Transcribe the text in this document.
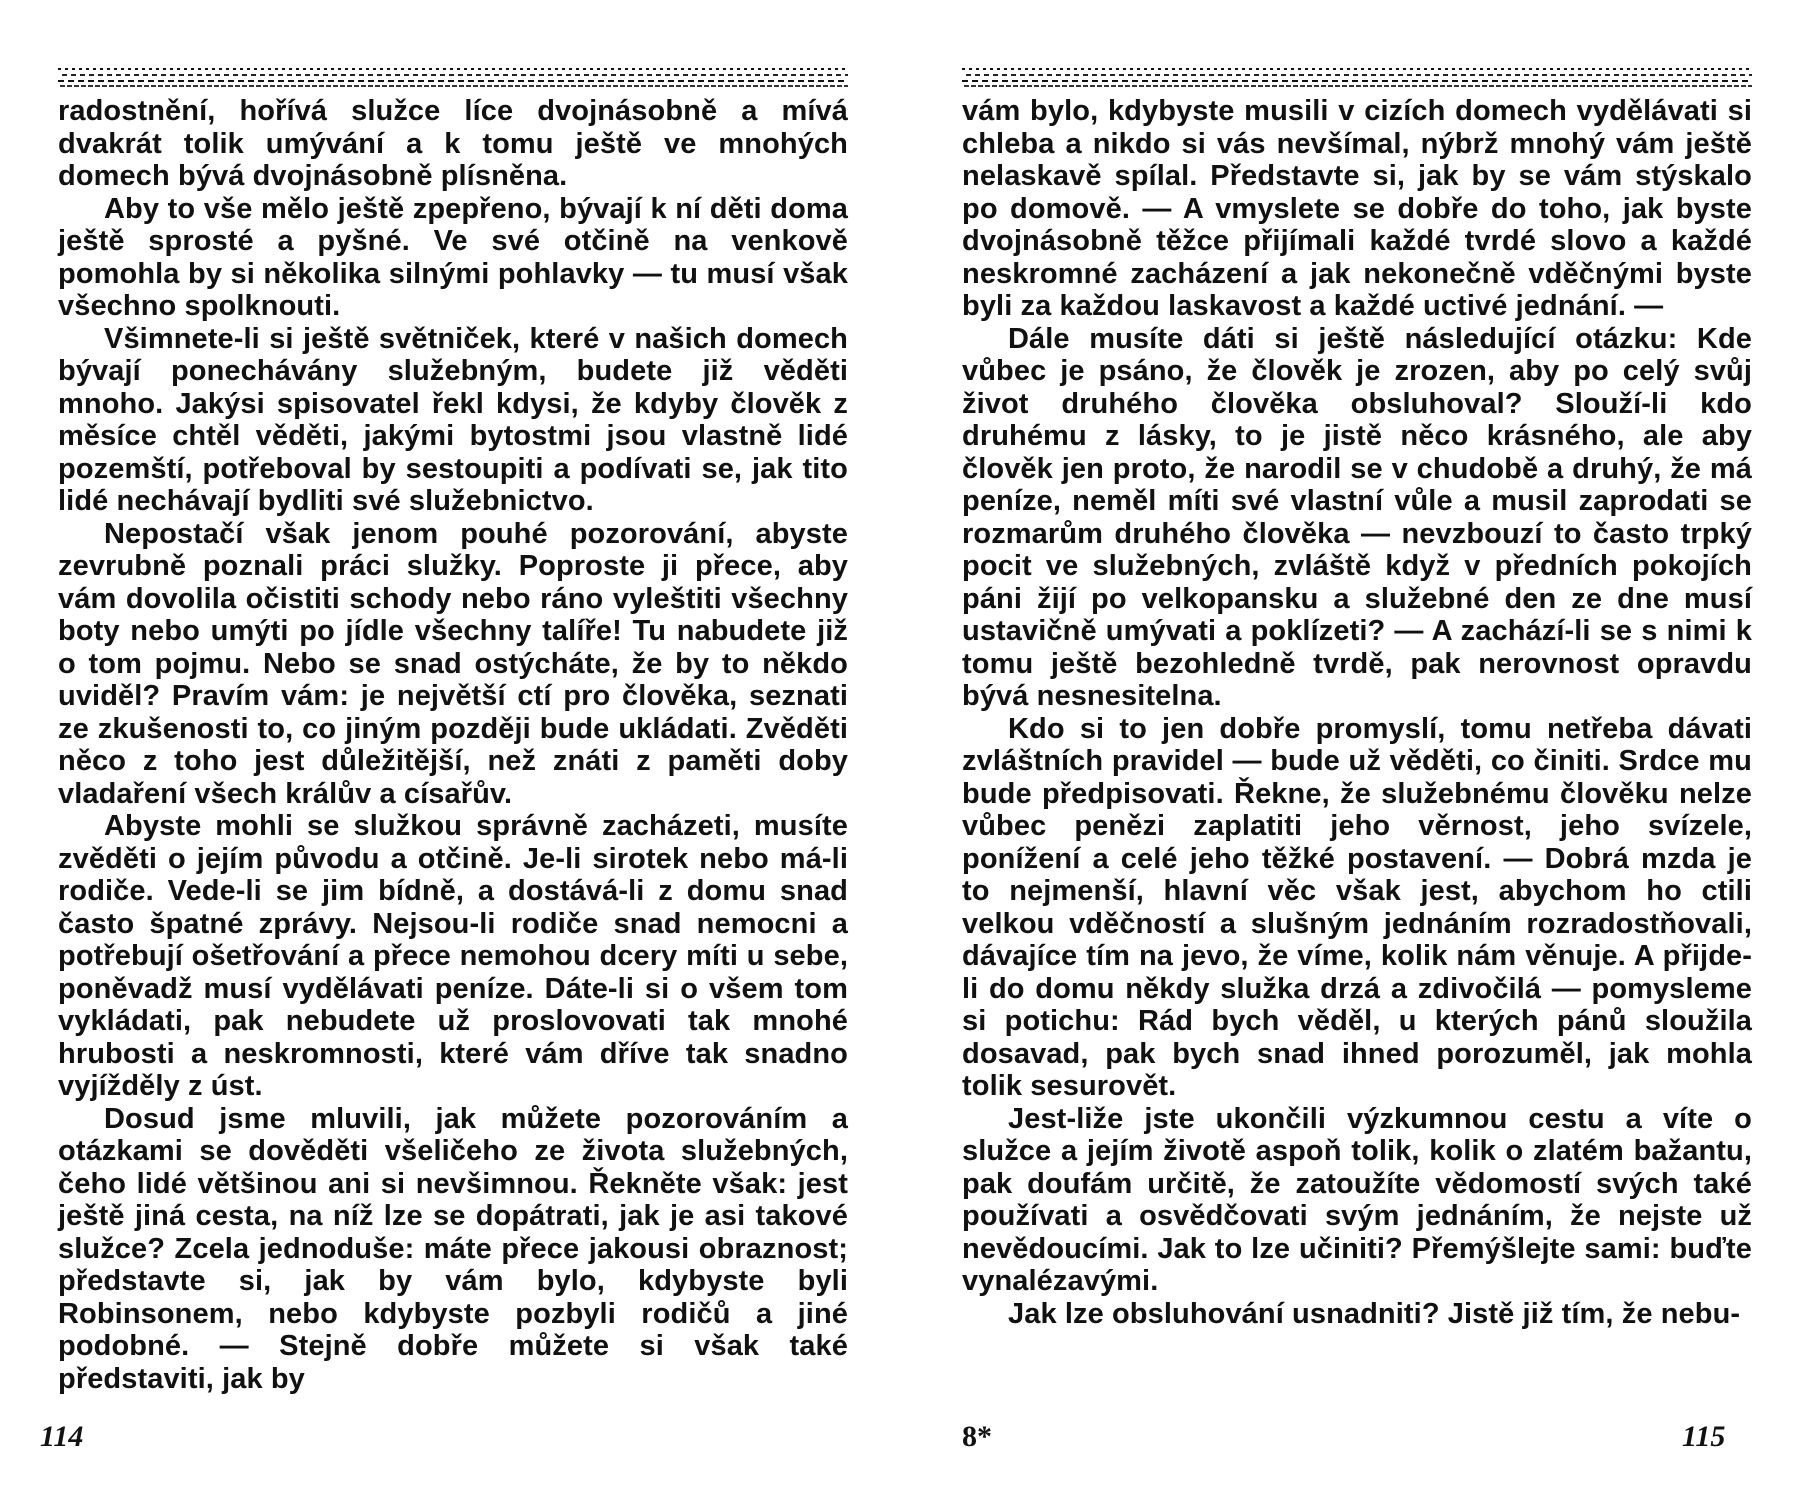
radostnění, hořívá služce líce dvojnásobně a mívá dvakrát tolik umývání a k tomu ještě ve mnohých domech bývá dvojnásobně plísněna.

Aby to vše mělo ještě zpepřeno, bývají k ní děti doma ještě sprosté a pyšné. Ve své otčině na venkově pomohla by si několika silnými pohlavky — tu musí však všechno spolknouti.

Všimnete-li si ještě světniček, které v našich domech bývají ponechávány služebným, budete již věděti mnoho. Jakýsi spisovatel řekl kdysi, že kdyby člověk z měsíce chtěl věděti, jakými bytostmi jsou vlastně lidé pozemští, potřeboval by sestoupiti a podívati se, jak tito lidé nechávají bydliti své služebnictvo.

Nepostačí však jenom pouhé pozorování, abyste zevrubně poznali práci služky. Poproste ji přece, aby vám dovolila očistiti schody nebo ráno vyleštiti všechny boty nebo umýti po jídle všechny talíře! Tu nabudete již o tom pojmu. Nebo se snad ostýcháte, že by to někdo uviděl? Pravím vám: je největší ctí pro člověka, seznati ze zkušenosti to, co jiným později bude ukládati. Zvěděti něco z toho jest důležitější, než znáti z paměti doby vladaření všech králův a císařův.

Abyste mohli se služkou správně zacházeti, musíte zvěděti o jejím původu a otčině. Je-li sirotek nebo má-li rodiče. Vede-li se jim bídně, a dostává-li z domu snad často špatné zprávy. Nejsou-li rodiče snad nemocni a potřebují ošetřování a přece nemohou dcery míti u sebe, poněvadž musí vydělávati peníze. Dáte-li si o všem tom vykládati, pak nebudete už proslovovati tak mnohé hrubosti a neskromnosti, které vám dříve tak snadno vyjížděly z úst.

Dosud jsme mluvili, jak můžete pozorováním a otázkami se dověděti všeličeho ze života služebných, čeho lidé většinou ani si nevšimnou. Řekněte však: jest ještě jiná cesta, na níž lze se dopátrati, jak je asi takové služce? Zcela jednoduše: máte přece jakousi obraznost; představte si, jak by vám bylo, kdybyste byli Robinsonem, nebo kdybyste pozbyli rodičů a jiné podobné. — Stejně dobře můžete si však také představiti, jak by

114

vám bylo, kdybyste musili v cizích domech vydělávati si chleba a nikdo si vás nevšímal, nýbrž mnohý vám ještě nelaskavě spílal. Představte si, jak by se vám stýskalo po domově. — A vmyslete se dobře do toho, jak byste dvojnásobně těžce přijímali každé tvrdé slovo a každé neskromné zacházení a jak nekonečně vděčnými byste byli za každou laskavost a každé uctivé jednání. —

Dále musíte dáti si ještě následující otázku: Kde vůbec je psáno, že člověk je zrozen, aby po celý svůj život druhého člověka obsluhoval? Slouží-li kdo druhému z lásky, to je jistě něco krásného, ale aby člověk jen proto, že narodil se v chudobě a druhý, že má peníze, neměl míti své vlastní vůle a musil zaprodati se rozmarům druhého člověka — nevzbouzí to často trpký pocit ve služebných, zvláště když v předních pokojích páni žijí po velkopansku a služebné den ze dne musí ustavičně umývati a poklízeti? — A zachází-li se s nimi k tomu ještě bezohledně tvrdě, pak nerovnost opravdu bývá nesnesitelna.

Kdo si to jen dobře promyslí, tomu netřeba dávati zvláštních pravidel — bude už věděti, co činiti. Srdce mu bude předpisovati. Řekne, že služebnému člověku nelze vůbec penězi zaplatiti jeho věrnost, jeho svízele, ponížení a celé jeho těžké postavení. — Dobrá mzda je to nejmenší, hlavní věc však jest, abychom ho ctili velkou vděčností a slušným jednáním rozradostňovali, dávajíce tím na jevo, že víme, kolik nám věnuje. A přijde-li do domu někdy služka drzá a zdivočilá — pomysleme si potichu: Rád bych věděl, u kterých pánů sloužila dosavad, pak bych snad ihned porozuměl, jak mohla tolik sesurovět.

Jest-liže jste ukončili výzkumnou cestu a víte o služce a jejím životě aspoň tolik, kolik o zlatém bažantu, pak doufám určitě, že zatoužíte vědomostí svých také používati a osvědčovati svým jednáním, že nejste už nevědoucími. Jak to lze učiniti? Přemýšlejte sami: buďte vynalézavými.

Jak lze obsluhování usnadniti? Jistě již tím, že nebu-

8*	115
